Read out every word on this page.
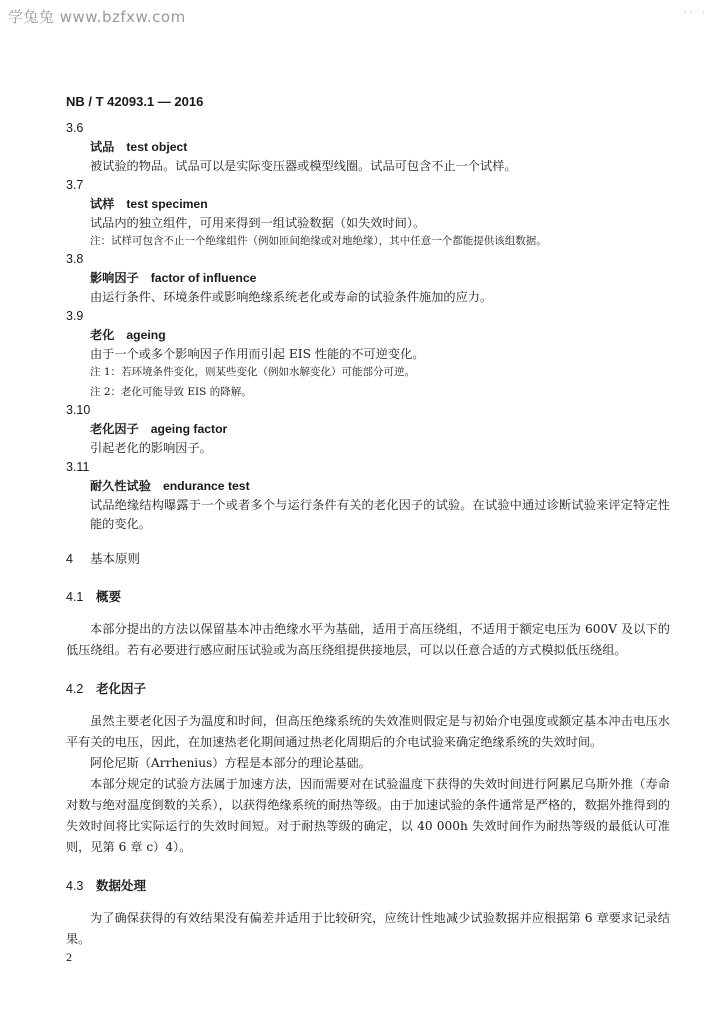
学兔兔 www.bzfxw.com	·· ·
NB / T 42093.1 — 2016
3.6
试品 test object
被试验的物品。试品可以是实际变压器或模型线圈。试品可包含不止一个试样。
3.7
试样 test specimen
试品内的独立组件，可用来得到一组试验数据（如失效时间）。
注：试样可包含不止一个绝缘组件（例如匝间绝缘或对地绝缘），其中任意一个都能提供该组数据。
3.8
影响因子 factor of influence
由运行条件、环境条件或影响绝缘系统老化或寿命的试验条件施加的应力。
3.9
老化 ageing
由于一个或多个影响因子作用而引起 EIS 性能的不可逆变化。
注 1：若环境条件变化，则某些变化（例如水解变化）可能部分可逆。
注 2：老化可能导致 EIS 的降解。
3.10
老化因子 ageing factor
引起老化的影响因子。
3.11
耐久性试验 endurance test
试品绝缘结构曝露于一个或者多个与运行条件有关的老化因子的试验。在试验中通过诊断试验来评定特定性能的变化。
4 基本原则
4.1 概要
本部分提出的方法以保留基本冲击绝缘水平为基础，适用于高压绕组，不适用于额定电压为 600V 及以下的低压绕组。若有必要进行感应耐压试验或为高压绕组提供接地层，可以以任意合适的方式模拟低压绕组。
4.2 老化因子
虽然主要老化因子为温度和时间，但高压绝缘系统的失效准则假定是与初始介电强度或额定基本冲击电压水平有关的电压，因此，在加速热老化期间通过热老化周期后的介电试验来确定绝缘系统的失效时间。
阿伦尼斯（Arrhenius）方程是本部分的理论基础。
本部分规定的试验方法属于加速方法，因而需要对在试验温度下获得的失效时间进行阿累尼乌斯外推（寿命对数与绝对温度倒数的关系），以获得绝缘系统的耐热等级。由于加速试验的条件通常是严格的，数据外推得到的失效时间将比实际运行的失效时间短。对于耐热等级的确定，以 40 000h 失效时间作为耐热等级的最低认可准则，见第 6 章 c）4）。
4.3 数据处理
为了确保获得的有效结果没有偏差并适用于比较研究，应统计性地减少试验数据并应根据第 6 章要求记录结果。
2
